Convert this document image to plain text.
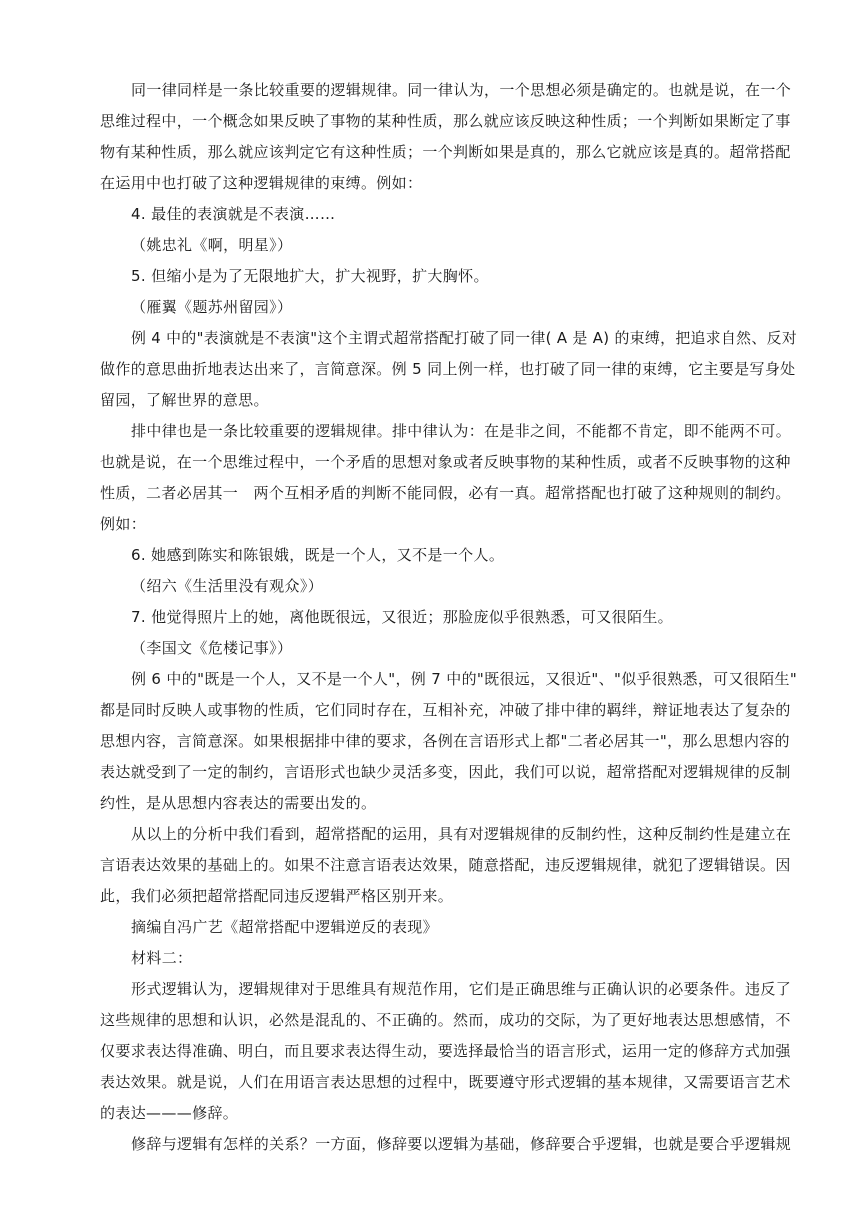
同一律同样是一条比较重要的逻辑规律。同一律认为，一个思想必须是确定的。也就是说，在一个
思维过程中，一个概念如果反映了事物的某种性质，那么就应该反映这种性质；一个判断如果断定了事
物有某种性质，那么就应该判定它有这种性质；一个判断如果是真的，那么它就应该是真的。超常搭配
在运用中也打破了这种逻辑规律的束缚。例如：
4. 最佳的表演就是不表演……
（姚忠礼《啊，明星》）
5. 但缩小是为了无限地扩大，扩大视野，扩大胸怀。
（雁翼《题苏州留园》）
例 4 中的"表演就是不表演"这个主谓式超常搭配打破了同一律( A 是 A) 的束缚，把追求自然、反对
做作的意思曲折地表达出来了，言简意深。例 5 同上例一样，也打破了同一律的束缚，它主要是写身处
留园，了解世界的意思。
排中律也是一条比较重要的逻辑规律。排中律认为：在是非之间，不能都不肯定，即不能两不可。
也就是说，在一个思维过程中，一个矛盾的思想对象或者反映事物的某种性质，或者不反映事物的这种
性质，二者必居其一　两个互相矛盾的判断不能同假，必有一真。超常搭配也打破了这种规则的制约。
例如：
6. 她感到陈实和陈银娥，既是一个人，又不是一个人。
（绍六《生活里没有观众》）
7. 他觉得照片上的她，离他既很远，又很近；那脸庞似乎很熟悉，可又很陌生。
（李国文《危楼记事》）
例 6 中的"既是一个人，又不是一个人"，例 7 中的"既很远，又很近"、"似乎很熟悉，可又很陌生"
都是同时反映人或事物的性质，它们同时存在，互相补充，冲破了排中律的羁绊，辩证地表达了复杂的
思想内容，言简意深。如果根据排中律的要求，各例在言语形式上都"二者必居其一"，那么思想内容的
表达就受到了一定的制约，言语形式也缺少灵活多变，因此，我们可以说，超常搭配对逻辑规律的反制
约性，是从思想内容表达的需要出发的。
从以上的分析中我们看到，超常搭配的运用，具有对逻辑规律的反制约性，这种反制约性是建立在
言语表达效果的基础上的。如果不注意言语表达效果，随意搭配，违反逻辑规律，就犯了逻辑错误。因
此，我们必须把超常搭配同违反逻辑严格区别开来。
摘编自冯广艺《超常搭配中逻辑逆反的表现》
材料二：
形式逻辑认为，逻辑规律对于思维具有规范作用，它们是正确思维与正确认识的必要条件。违反了
这些规律的思想和认识，必然是混乱的、不正确的。然而，成功的交际，为了更好地表达思想感情，不
仅要求表达得准确、明白，而且要求表达得生动，要选择最恰当的语言形式，运用一定的修辞方式加强
表达效果。就是说，人们在用语言表达思想的过程中，既要遵守形式逻辑的基本规律，又需要语言艺术
的表达———修辞。
修辞与逻辑有怎样的关系？一方面，修辞要以逻辑为基础，修辞要合乎逻辑，也就是要合乎逻辑规
